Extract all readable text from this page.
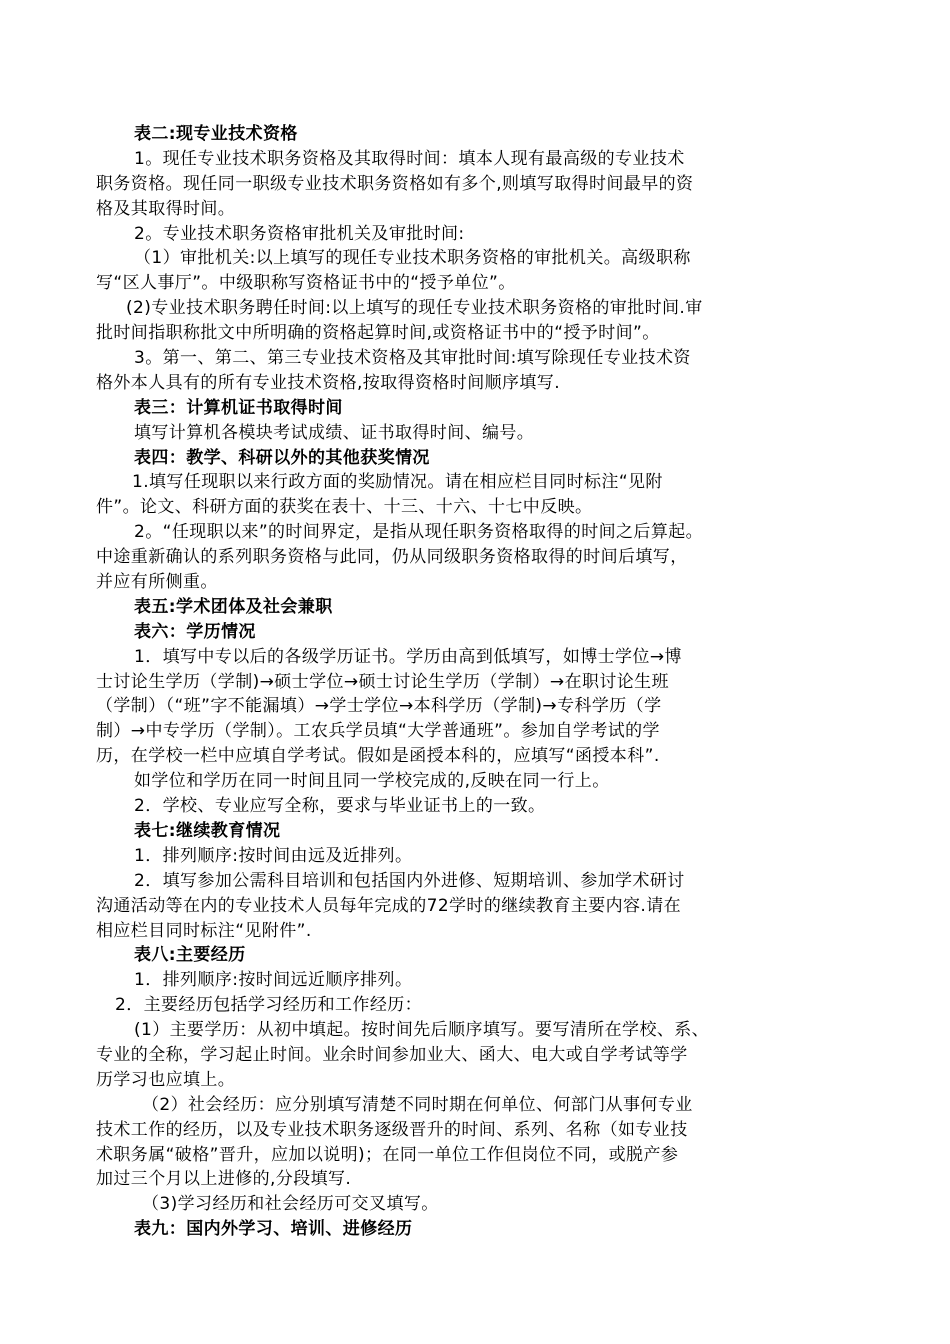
表二:现专业技术资格
1。现任专业技术职务资格及其取得时间：填本人现有最高级的专业技术
职务资格。现任同一职级专业技术职务资格如有多个,则填写取得时间最早的资
格及其取得时间。
2。专业技术职务资格审批机关及审批时间:
（1）审批机关:以上填写的现任专业技术职务资格的审批机关。高级职称
写“区人事厅”。中级职称写资格证书中的“授予单位”。
(2)专业技术职务聘任时间:以上填写的现任专业技术职务资格的审批时间.审
批时间指职称批文中所明确的资格起算时间,或资格证书中的“授予时间”。
3。第一、第二、第三专业技术资格及其审批时间:填写除现任专业技术资
格外本人具有的所有专业技术资格,按取得资格时间顺序填写.
表三：计算机证书取得时间
填写计算机各模块考试成绩、证书取得时间、编号。
表四：教学、科研以外的其他获奖情况
1.填写任现职以来行政方面的奖励情况。请在相应栏目同时标注“见附
件”。论文、科研方面的获奖在表十、十三、十六、十七中反映。
2。“任现职以来”的时间界定，是指从现任职务资格取得的时间之后算起。
中途重新确认的系列职务资格与此同，仍从同级职务资格取得的时间后填写，
并应有所侧重。
表五:学术团体及社会兼职
表六：学历情况
1．填写中专以后的各级学历证书。学历由高到低填写，如博士学位→博
士讨论生学历（学制)→硕士学位→硕士讨论生学历（学制）→在职讨论生班
（学制）（“班”字不能漏填）→学士学位→本科学历（学制)→专科学历（学
制）→中专学历（学制）。工农兵学员填“大学普通班”。参加自学考试的学
历，在学校一栏中应填自学考试。假如是函授本科的，应填写“函授本科”.
如学位和学历在同一时间且同一学校完成的,反映在同一行上。
2．学校、专业应写全称，要求与毕业证书上的一致。
表七:继续教育情况
1．排列顺序:按时间由远及近排列。
2．填写参加公需科目培训和包括国内外进修、短期培训、参加学术研讨
沟通活动等在内的专业技术人员每年完成的72学时的继续教育主要内容.请在
相应栏目同时标注“见附件”.
表八:主要经历
1．排列顺序:按时间远近顺序排列。
2．主要经历包括学习经历和工作经历：
(1）主要学历：从初中填起。按时间先后顺序填写。要写清所在学校、系、
专业的全称，学习起止时间。业余时间参加业大、函大、电大或自学考试等学
历学习也应填上。
（2）社会经历：应分别填写清楚不同时期在何单位、何部门从事何专业
技术工作的经历，以及专业技术职务逐级晋升的时间、系列、名称（如专业技
术职务属“破格”晋升，应加以说明)；在同一单位工作但岗位不同，或脱产参
加过三个月以上进修的,分段填写.
（3)学习经历和社会经历可交叉填写。
表九：国内外学习、培训、进修经历
